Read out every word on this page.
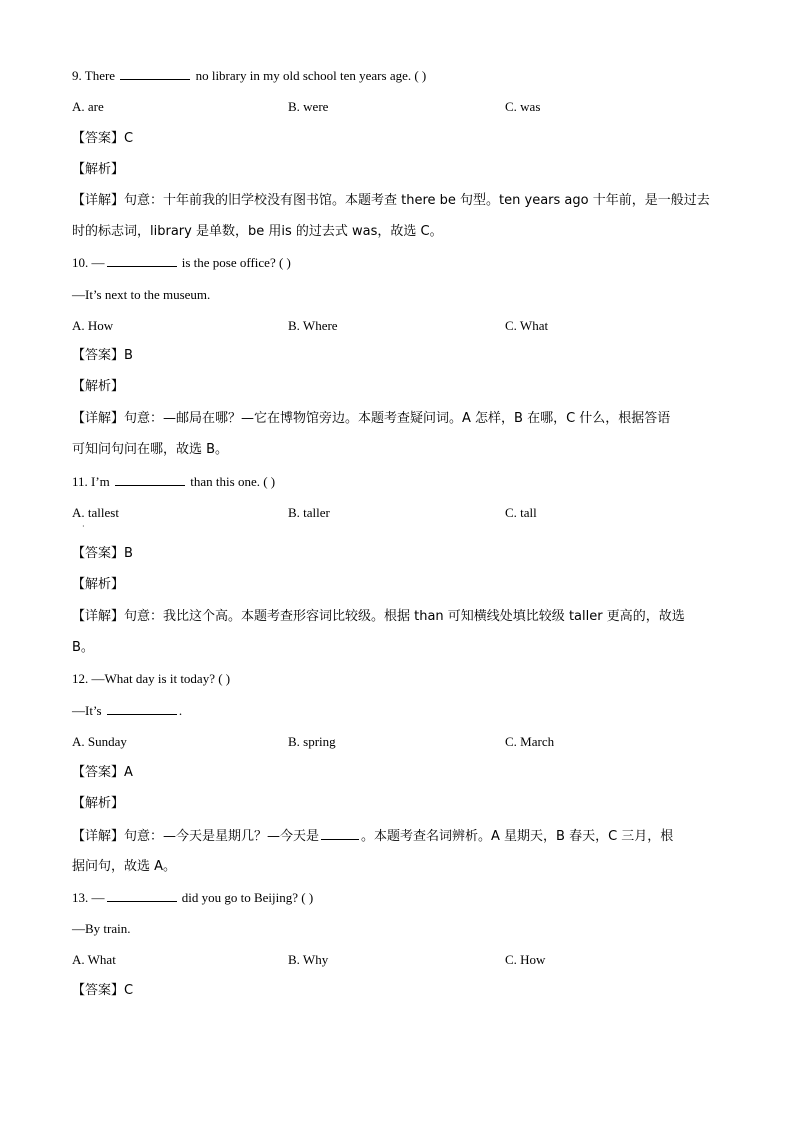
9. There	no library in my old school ten years age. ( )
A. are	B. were	C. was
【答案】C
【解析】
【详解】句意：十年前我的旧学校没有图书馆。本题考查 there be 句型。ten years ago 十年前，是一般过去
时的标志词，library 是单数，be 用is 的过去式 was，故选 C。
10. —	is the pose office? ( )
—It’s next to the museum.
A. How	B. Where	C. What
【答案】B
【解析】
【详解】句意：—邮局在哪？—它在博物馆旁边。本题考查疑问词。A 怎样，B 在哪，C 什么，根据答语
可知问句问在哪，故选 B。
11. I’m	than this one. ( )
A. tallest	B. taller	C. tall
·
【答案】B
【解析】
【详解】句意：我比这个高。本题考查形容词比较级。根据 than 可知横线处填比较级 taller 更高的，故选
B。
12. —What day is it today? ( )
—It’s	.
A. Sunday	B. spring	C. March
【答案】A
【解析】
【详解】句意：—今天是星期几？—今天是	。本题考查名词辨析。A 星期天，B 春天，C 三月，根
据问句，故选 A。
13. —	did you go to Beijing? ( )
—By train.
A. What	B. Why	C. How
【答案】C
